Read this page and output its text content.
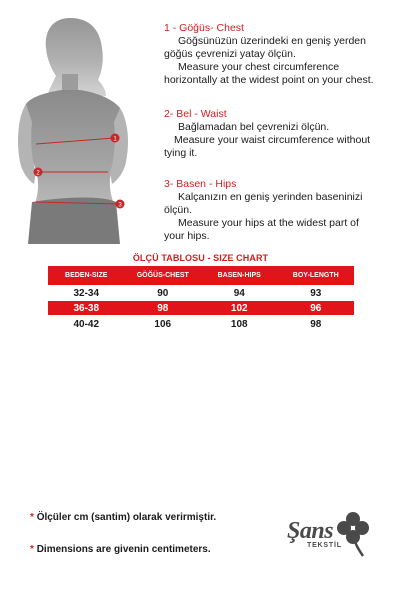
1
2
3
1 - Göğüs- Chest
Göğsünüzün üzerindeki en geniş yerden
göğüs çevrenizi yatay ölçün.
Measure your chest circumference
horizontally at the widest point on your chest.
2- Bel - Waist
Bağlamadan bel çevrenizi ölçün.
Measure your waist circumference without
tying it.
3- Basen - Hips
Kalçanızın en geniş yerinden baseninizi
ölçün.
Measure your hips at the widest part of
your hips.
ÖLÇÜ TABLOSU - SIZE CHART
BEDEN-SIZE	GÖĞÜS-CHEST	BASEN-HIPS	BOY-LENGTH
32-34	90	94	93
36-38	98	102	96
40-42	106	108	98
* Ölçüler cm (santim) olarak verirmiştir.
* Dimensions are givenin centimeters.
Şans
TEKSTİL
